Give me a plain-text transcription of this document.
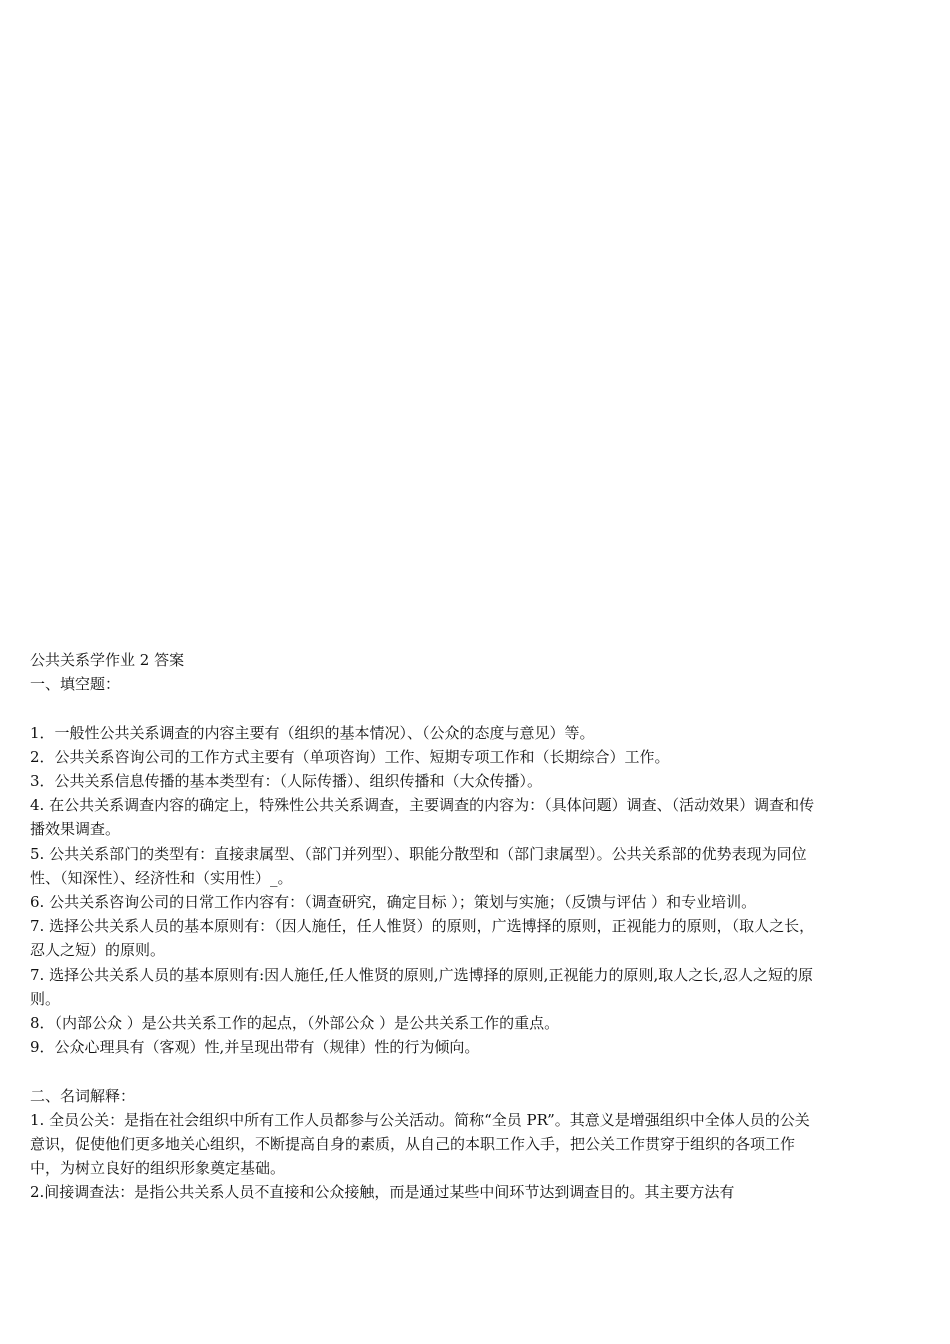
公共关系学作业 2 答案
一、填空题：
1．一般性公共关系调查的内容主要有（组织的基本情况）、（公众的态度与意见）等。
2．公共关系咨询公司的工作方式主要有（单项咨询）工作、短期专项工作和（长期综合）工作。
3．公共关系信息传播的基本类型有：（人际传播）、组织传播和（大众传播）。
4. 在公共关系调查内容的确定上，特殊性公共关系调查，主要调查的内容为：（具体问题）调查、（活动效果）调查和传播效果调查。
5. 公共关系部门的类型有：直接隶属型、（部门并列型）、职能分散型和（部门隶属型）。公共关系部的优势表现为同位性、（知深性）、经济性和（实用性）_。
6. 公共关系咨询公司的日常工作内容有：（调查研究，确定目标 ）；策划与实施；（反馈与评估 ）和专业培训。
7. 选择公共关系人员的基本原则有：（因人施任，任人惟贤）的原则，广选博择的原则，正视能力的原则，（取人之长，忍人之短）的原则。
7. 选择公共关系人员的基本原则有:因人施任,任人惟贤的原则,广选博择的原则,正视能力的原则,取人之长,忍人之短的原则。
8．（内部公众 ）是公共关系工作的起点，（外部公众 ）是公共关系工作的重点。
9．公众心理具有（客观）性,并呈现出带有（规律）性的行为倾向。
二、名词解释：
1. 全员公关：是指在社会组织中所有工作人员都参与公关活动。简称“全员 PR”。其意义是增强组织中全体人员的公关意识，促使他们更多地关心组织，不断提高自身的素质，从自己的本职工作入手，把公关工作贯穿于组织的各项工作中，为树立良好的组织形象奠定基础。
2.间接调查法：是指公共关系人员不直接和公众接触，而是通过某些中间环节达到调查目的。其主要方法有
